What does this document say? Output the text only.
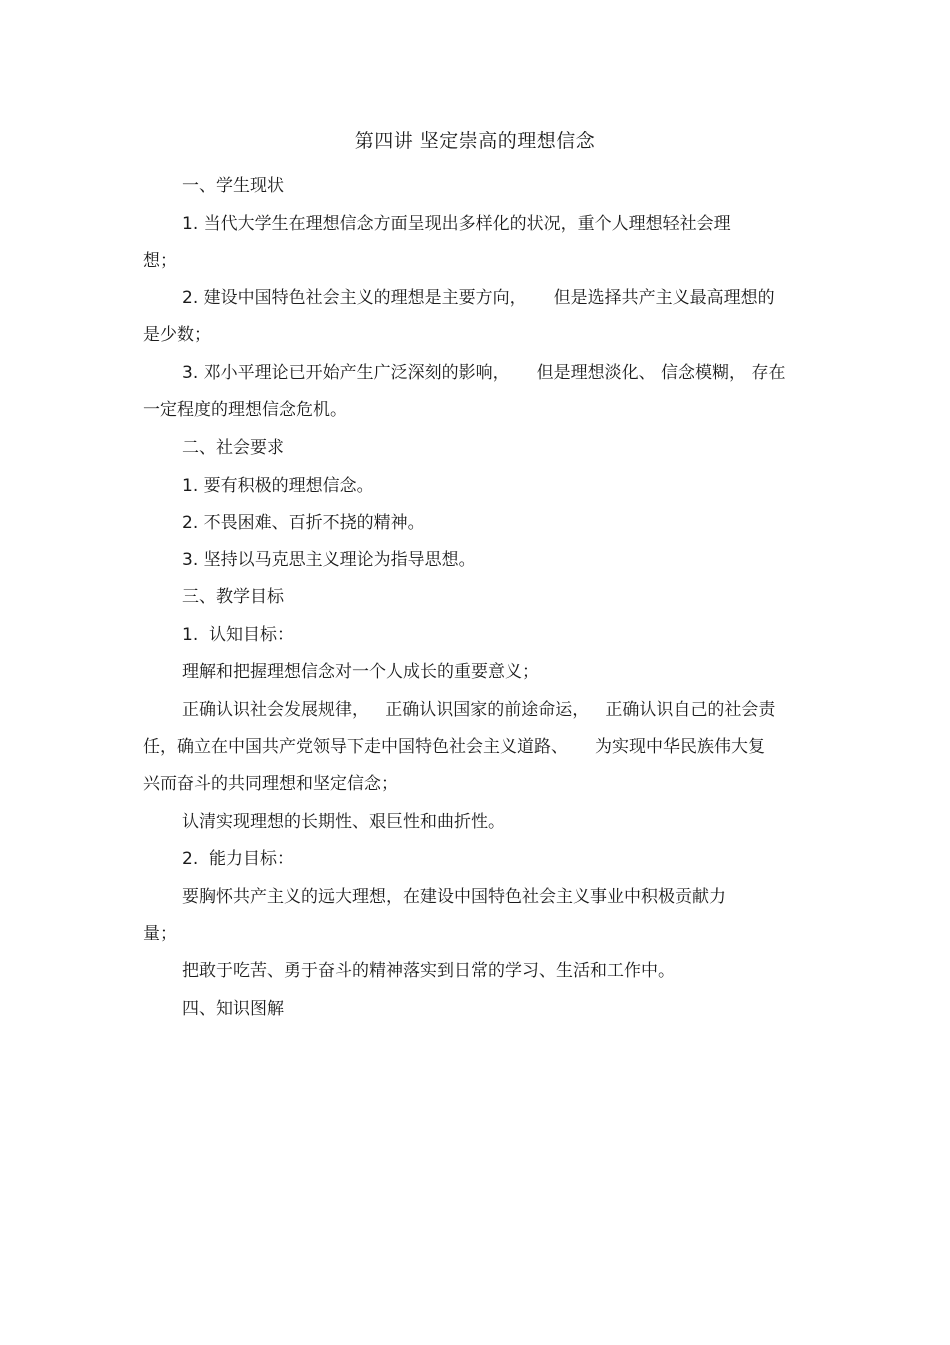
第四讲 坚定崇高的理想信念
一、学生现状
1. 当代大学生在理想信念方面呈现出多样化的状况，重个人理想轻社会理
想；
2. 建设中国特色社会主义的理想是主要方向，     但是选择共产主义最高理想的
是少数；
3. 邓小平理论已开始产生广泛深刻的影响，     但是理想淡化、 信念模糊， 存在
一定程度的理想信念危机。
二、社会要求
1. 要有积极的理想信念。
2. 不畏困难、百折不挠的精神。
3. 坚持以马克思主义理论为指导思想。
三、教学目标
1.  认知目标：
理解和把握理想信念对一个人成长的重要意义；
正确认识社会发展规律，   正确认识国家的前途命运，   正确认识自己的社会责
任，确立在中国共产党领导下走中国特色社会主义道路、     为实现中华民族伟大复
兴而奋斗的共同理想和坚定信念；
认清实现理想的长期性、艰巨性和曲折性。
2.  能力目标：
要胸怀共产主义的远大理想，在建设中国特色社会主义事业中积极贡献力
量；
把敢于吃苦、勇于奋斗的精神落实到日常的学习、生活和工作中。
四、知识图解
